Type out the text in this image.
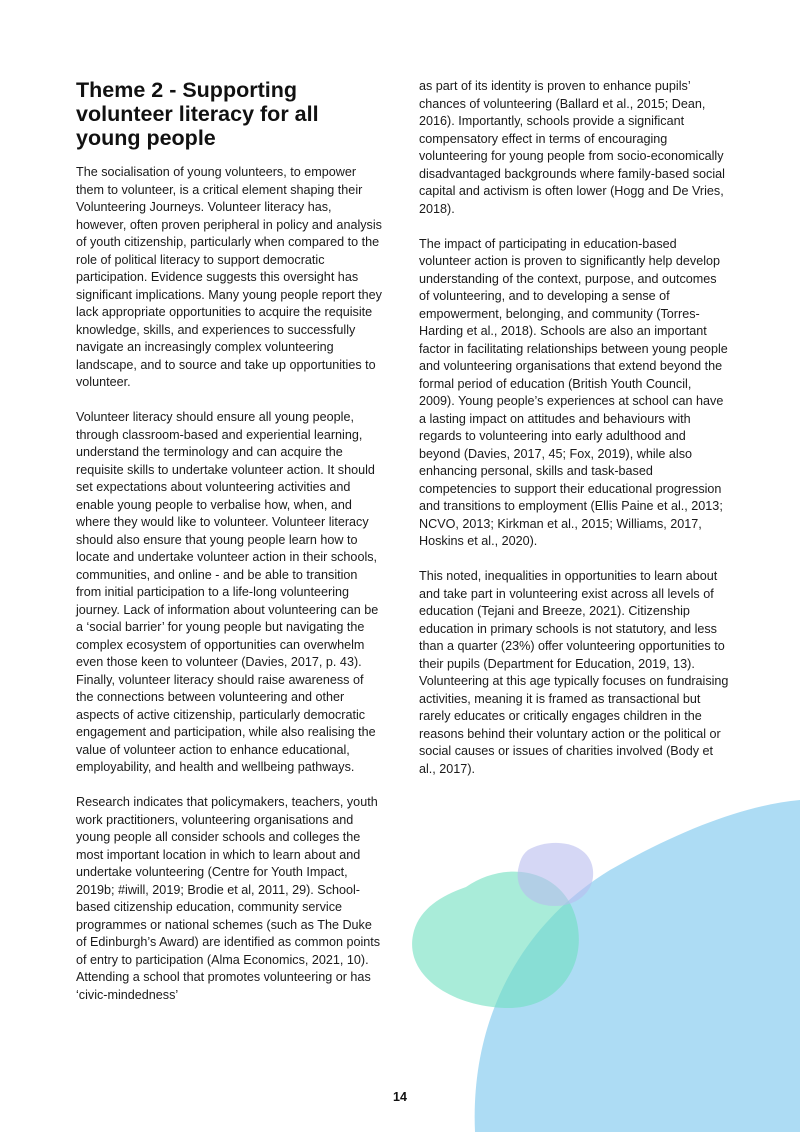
Theme 2 - Supporting volunteer literacy for all young people

The socialisation of young volunteers, to empower them to volunteer, is a critical element shaping their Volunteering Journeys. Volunteer literacy has, however, often proven peripheral in policy and analysis of youth citizenship, particularly when compared to the role of political literacy to support democratic participation. Evidence suggests this oversight has significant implications. Many young people report they lack appropriate opportunities to acquire the requisite knowledge, skills, and experiences to successfully navigate an increasingly complex volunteering landscape, and to source and take up opportunities to volunteer.

Volunteer literacy should ensure all young people, through classroom-based and experiential learning, understand the terminology and can acquire the requisite skills to undertake volunteer action. It should set expectations about volunteering activities and enable young people to verbalise how, when, and where they would like to volunteer. Volunteer literacy should also ensure that young people learn how to locate and undertake volunteer action in their schools, communities, and online - and be able to transition from initial participation to a life-long volunteering journey. Lack of information about volunteering can be a ‘social barrier’ for young people but navigating the complex ecosystem of opportunities can overwhelm even those keen to volunteer (Davies, 2017, p. 43). Finally, volunteer literacy should raise awareness of the connections between volunteering and other aspects of active citizenship, particularly democratic engagement and participation, while also realising the value of volunteer action to enhance educational, employability, and health and wellbeing pathways.

Research indicates that policymakers, teachers, youth work practitioners, volunteering organisations and young people all consider schools and colleges the most important location in which to learn about and undertake volunteering (Centre for Youth Impact, 2019b; #iwill, 2019; Brodie et al, 2011, 29). School-based citizenship education, community service programmes or national schemes (such as The Duke of Edinburgh’s Award) are identified as common points of entry to participation (Alma Economics, 2021, 10). Attending a school that promotes volunteering or has ‘civic-mindedness’

as part of its identity is proven to enhance pupils’ chances of volunteering (Ballard et al., 2015; Dean, 2016). Importantly, schools provide a significant compensatory effect in terms of encouraging volunteering for young people from socio-economically disadvantaged backgrounds where family-based social capital and activism is often lower (Hogg and De Vries, 2018).

The impact of participating in education-based volunteer action is proven to significantly help develop understanding of the context, purpose, and outcomes of volunteering, and to developing a sense of empowerment, belonging, and community (Torres-Harding et al., 2018). Schools are also an important factor in facilitating relationships between young people and volunteering organisations that extend beyond the formal period of education (British Youth Council, 2009). Young people’s experiences at school can have a lasting impact on attitudes and behaviours with regards to volunteering into early adulthood and beyond (Davies, 2017, 45; Fox, 2019), while also enhancing personal, skills and task-based competencies to support their educational progression and transitions to employment (Ellis Paine et al., 2013; NCVO, 2013; Kirkman et al., 2015; Williams, 2017, Hoskins et al., 2020).

This noted, inequalities in opportunities to learn about and take part in volunteering exist across all levels of education (Tejani and Breeze, 2021). Citizenship education in primary schools is not statutory, and less than a quarter (23%) offer volunteering opportunities to their pupils (Department for Education, 2019, 13). Volunteering at this age typically focuses on fundraising activities, meaning it is framed as transactional but rarely educates or critically engages children in the reasons behind their voluntary action or the political or social causes or issues of charities involved (Body et al., 2017).

14
